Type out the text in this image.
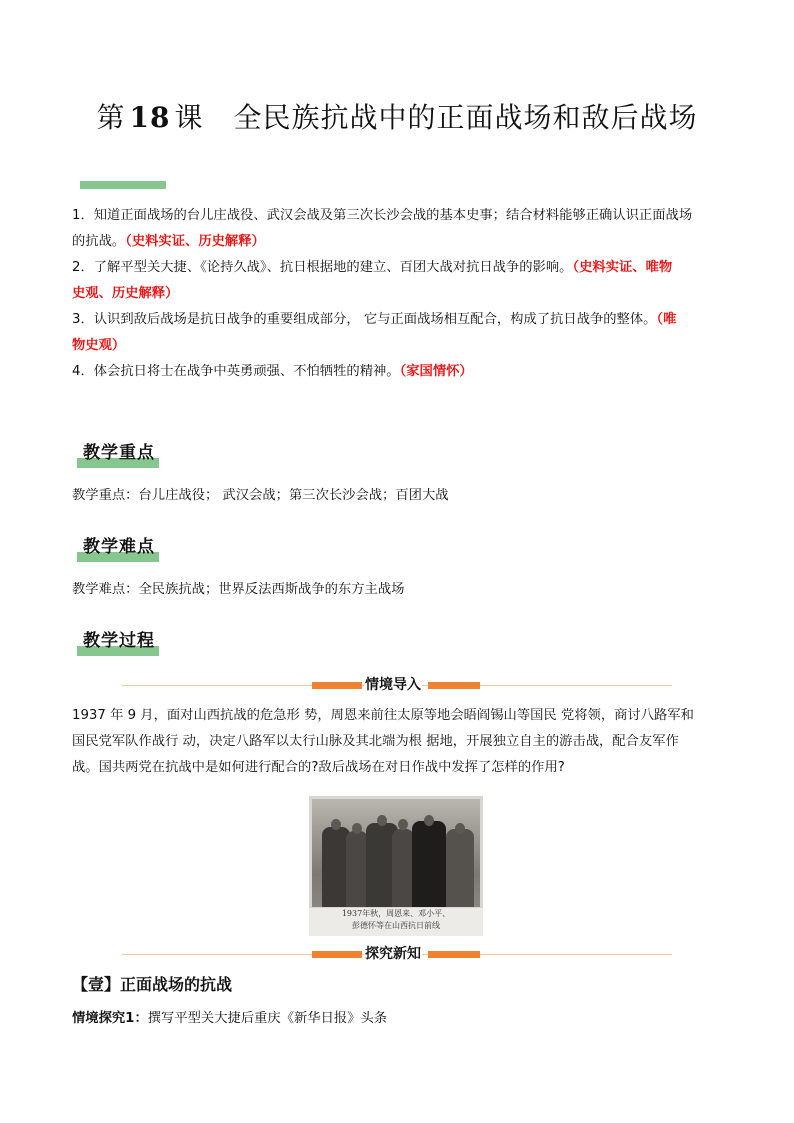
第 18 课 全民族抗战中的正面战场和敌后战场
1．知道正面战场的台儿庄战役、武汉会战及第三次长沙会战的基本史事；结合材料能够正确认识正面战场
的抗战。（史料实证、历史解释）
2．了解平型关大捷、《论持久战》、抗日根据地的建立、百团大战对抗日战争的影响。（史料实证、唯物
史观、历史解释）
3．认识到敌后战场是抗日战争的重要组成部分， 它与正面战场相互配合，构成了抗日战争的整体。（唯
物史观）
4．体会抗日将士在战争中英勇顽强、不怕牺牲的精神。（家国情怀）
教学重点
教学重点：台儿庄战役； 武汉会战；第三次长沙会战；百团大战
教学难点
教学难点：全民族抗战；世界反法西斯战争的东方主战场
教学过程
情境导入
1937 年 9 月，面对山西抗战的危急形 势，周恩来前往太原等地会晤阎锡山等国民 党将领，商讨八路军和
国民党军队作战行 动，决定八路军以太行山脉及其北端为根 据地，开展独立自主的游击战，配合友军作
战。国共两党在抗战中是如何进行配合的?敌后战场在对日作战中发挥了怎样的作用?
1937年秋，周恩来、邓小平、
彭德怀等在山西抗日前线
探究新知
【壹】正面战场的抗战
情境探究1：撰写平型关大捷后重庆《新华日报》头条
